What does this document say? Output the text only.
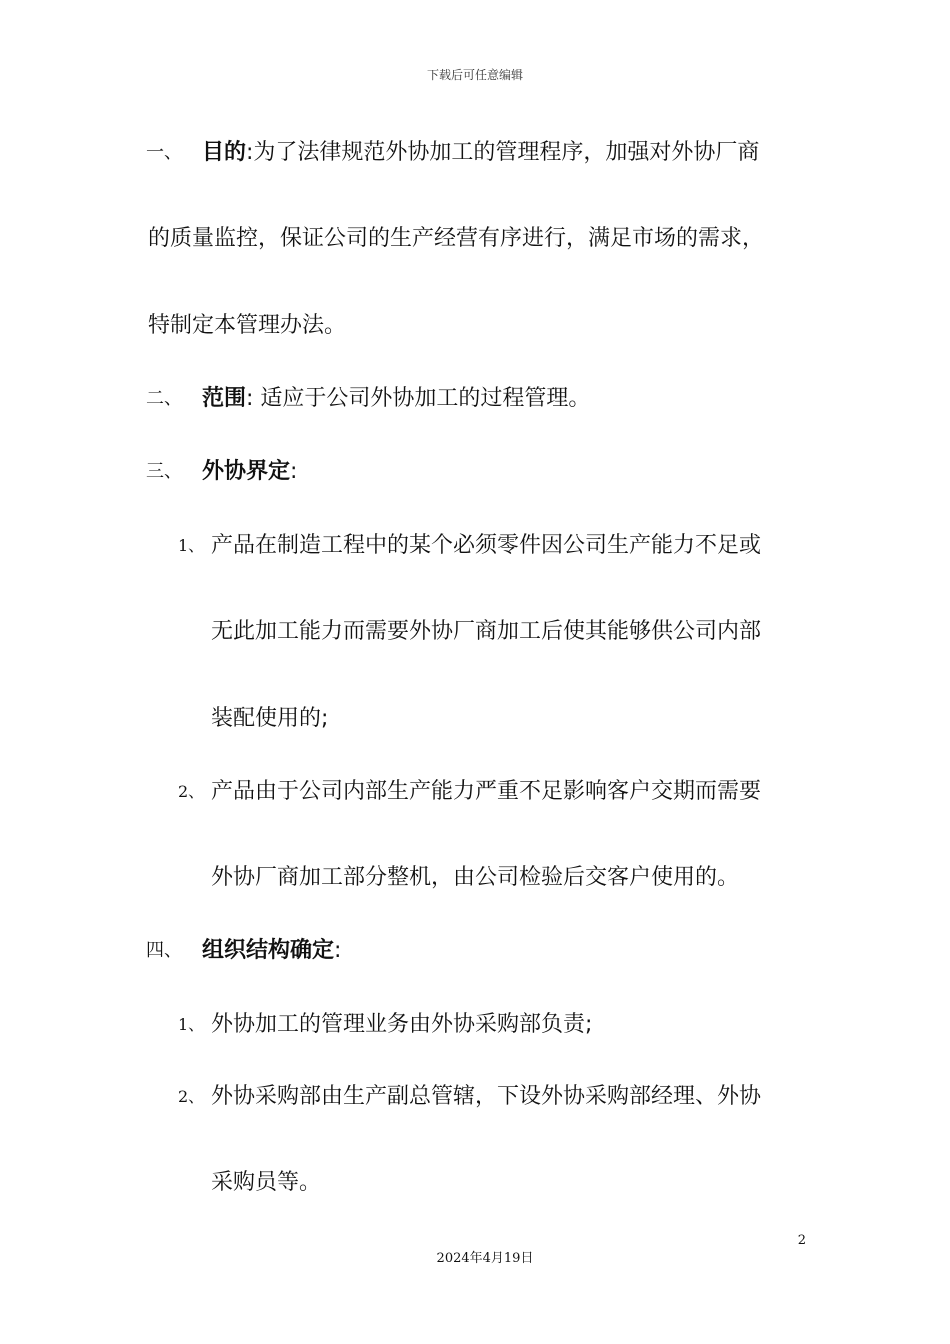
下载后可任意编辑
一、 目的:为了法律规范外协加工的管理程序，加强对外协厂商
的质量监控，保证公司的生产经营有序进行，满足市场的需求，
特制定本管理办法。
二、 范围: 适应于公司外协加工的过程管理。
三、 外协界定:
1、 产品在制造工程中的某个必须零件因公司生产能力不足或
无此加工能力而需要外协厂商加工后使其能够供公司内部
装配使用的;
2、 产品由于公司内部生产能力严重不足影响客户交期而需要
外协厂商加工部分整机，由公司检验后交客户使用的。
四、 组织结构确定:
1、 外协加工的管理业务由外协采购部负责;
2、 外协采购部由生产副总管辖，下设外协采购部经理、外协
采购员等。
2
2024年4月19日
